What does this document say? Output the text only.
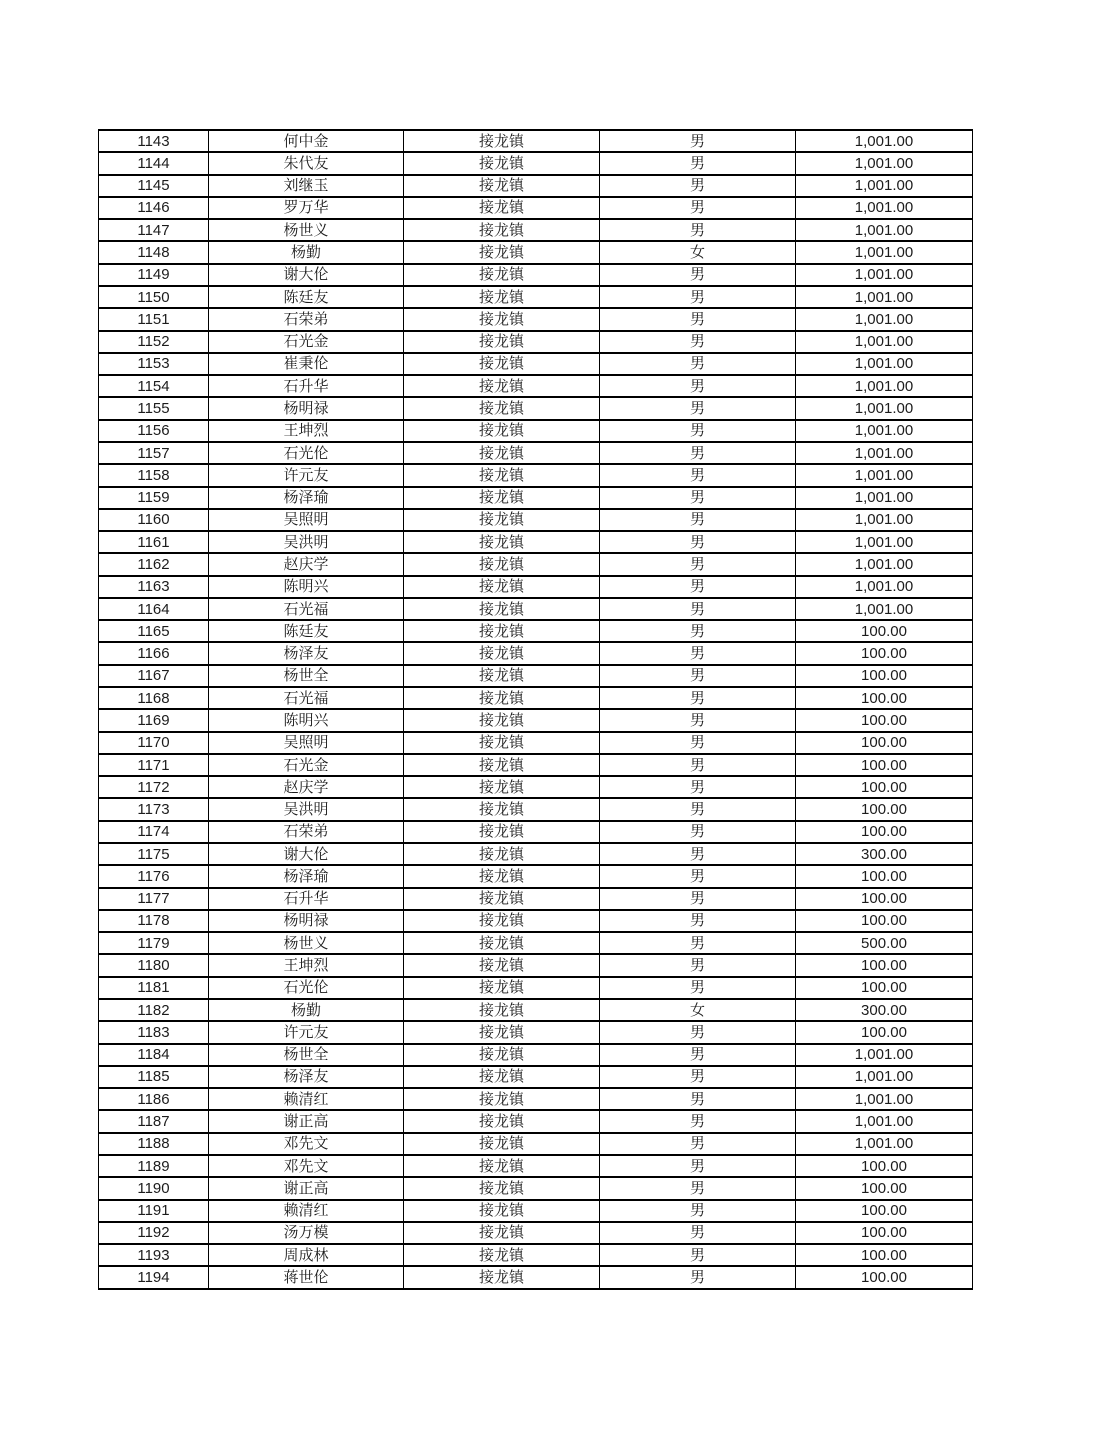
1143	何中金	接龙镇	男	1,001.00
1144	朱代友	接龙镇	男	1,001.00
1145	刘继玉	接龙镇	男	1,001.00
1146	罗万华	接龙镇	男	1,001.00
1147	杨世义	接龙镇	男	1,001.00
1148	杨勤	接龙镇	女	1,001.00
1149	谢大伦	接龙镇	男	1,001.00
1150	陈廷友	接龙镇	男	1,001.00
1151	石荣弟	接龙镇	男	1,001.00
1152	石光金	接龙镇	男	1,001.00
1153	崔秉伦	接龙镇	男	1,001.00
1154	石升华	接龙镇	男	1,001.00
1155	杨明禄	接龙镇	男	1,001.00
1156	王坤烈	接龙镇	男	1,001.00
1157	石光伦	接龙镇	男	1,001.00
1158	许元友	接龙镇	男	1,001.00
1159	杨泽瑜	接龙镇	男	1,001.00
1160	吴照明	接龙镇	男	1,001.00
1161	吴洪明	接龙镇	男	1,001.00
1162	赵庆学	接龙镇	男	1,001.00
1163	陈明兴	接龙镇	男	1,001.00
1164	石光福	接龙镇	男	1,001.00
1165	陈廷友	接龙镇	男	100.00
1166	杨泽友	接龙镇	男	100.00
1167	杨世全	接龙镇	男	100.00
1168	石光福	接龙镇	男	100.00
1169	陈明兴	接龙镇	男	100.00
1170	吴照明	接龙镇	男	100.00
1171	石光金	接龙镇	男	100.00
1172	赵庆学	接龙镇	男	100.00
1173	吴洪明	接龙镇	男	100.00
1174	石荣弟	接龙镇	男	100.00
1175	谢大伦	接龙镇	男	300.00
1176	杨泽瑜	接龙镇	男	100.00
1177	石升华	接龙镇	男	100.00
1178	杨明禄	接龙镇	男	100.00
1179	杨世义	接龙镇	男	500.00
1180	王坤烈	接龙镇	男	100.00
1181	石光伦	接龙镇	男	100.00
1182	杨勤	接龙镇	女	300.00
1183	许元友	接龙镇	男	100.00
1184	杨世全	接龙镇	男	1,001.00
1185	杨泽友	接龙镇	男	1,001.00
1186	赖清红	接龙镇	男	1,001.00
1187	谢正高	接龙镇	男	1,001.00
1188	邓先文	接龙镇	男	1,001.00
1189	邓先文	接龙镇	男	100.00
1190	谢正高	接龙镇	男	100.00
1191	赖清红	接龙镇	男	100.00
1192	汤万模	接龙镇	男	100.00
1193	周成林	接龙镇	男	100.00
1194	蒋世伦	接龙镇	男	100.00
